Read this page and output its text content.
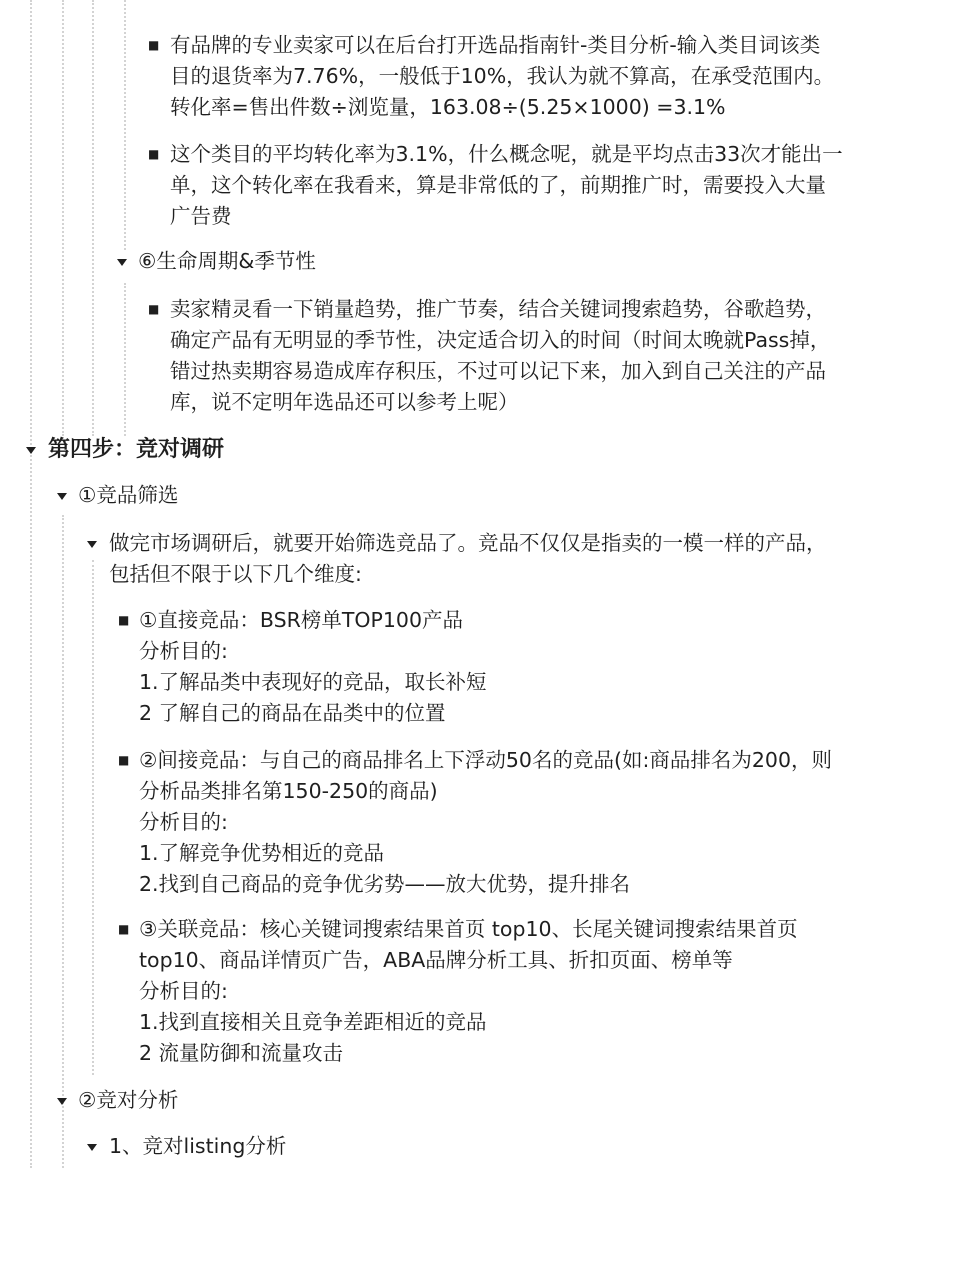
■ 有品牌的专业卖家可以在后台打开选品指南针-类目分析-输入类目词该类

目的退货率为7.76%，一般低于10%，我认为就不算高，在承受范围内。

转化率=售出件数÷浏览量，163.08÷(5.25×1000) =3.1%

■ 这个类目的平均转化率为3.1%，什么概念呢，就是平均点击33次才能出一

单，这个转化率在我看来，算是非常低的了，前期推广时，需要投入大量

广告费

⑥生命周期&季节性

■ 卖家精灵看一下销量趋势，推广节奏，结合关键词搜索趋势，谷歌趋势，

确定产品有无明显的季节性，决定适合切入的时间（时间太晚就Pass掉，

错过热卖期容易造成库存积压，不过可以记下来，加入到自己关注的产品

库，说不定明年选品还可以参考上呢）

第四步：竞对调研

①竞品筛选

做完市场调研后，就要开始筛选竞品了。竞品不仅仅是指卖的一模一样的产品，

包括但不限于以下几个维度:

■ ①直接竞品：BSR榜单TOP100产品

分析目的:

1.了解品类中表现好的竞品，取长补短

2 了解自己的商品在品类中的位置

■ ②间接竞品：与自己的商品排名上下浮动50名的竞品(如:商品排名为200，则

分析品类排名第150-250的商品)

分析目的:

1.了解竞争优势相近的竞品

2.找到自己商品的竞争优劣势——放大优势，提升排名

■ ③关联竞品：核心关键词搜索结果首页 top10、长尾关键词搜索结果首页

top10、商品详情页广告，ABA品牌分析工具、折扣页面、榜单等

分析目的:

1.找到直接相关且竞争差距相近的竞品

2 流量防御和流量攻击

②竞对分析

1、竞对listing分析
